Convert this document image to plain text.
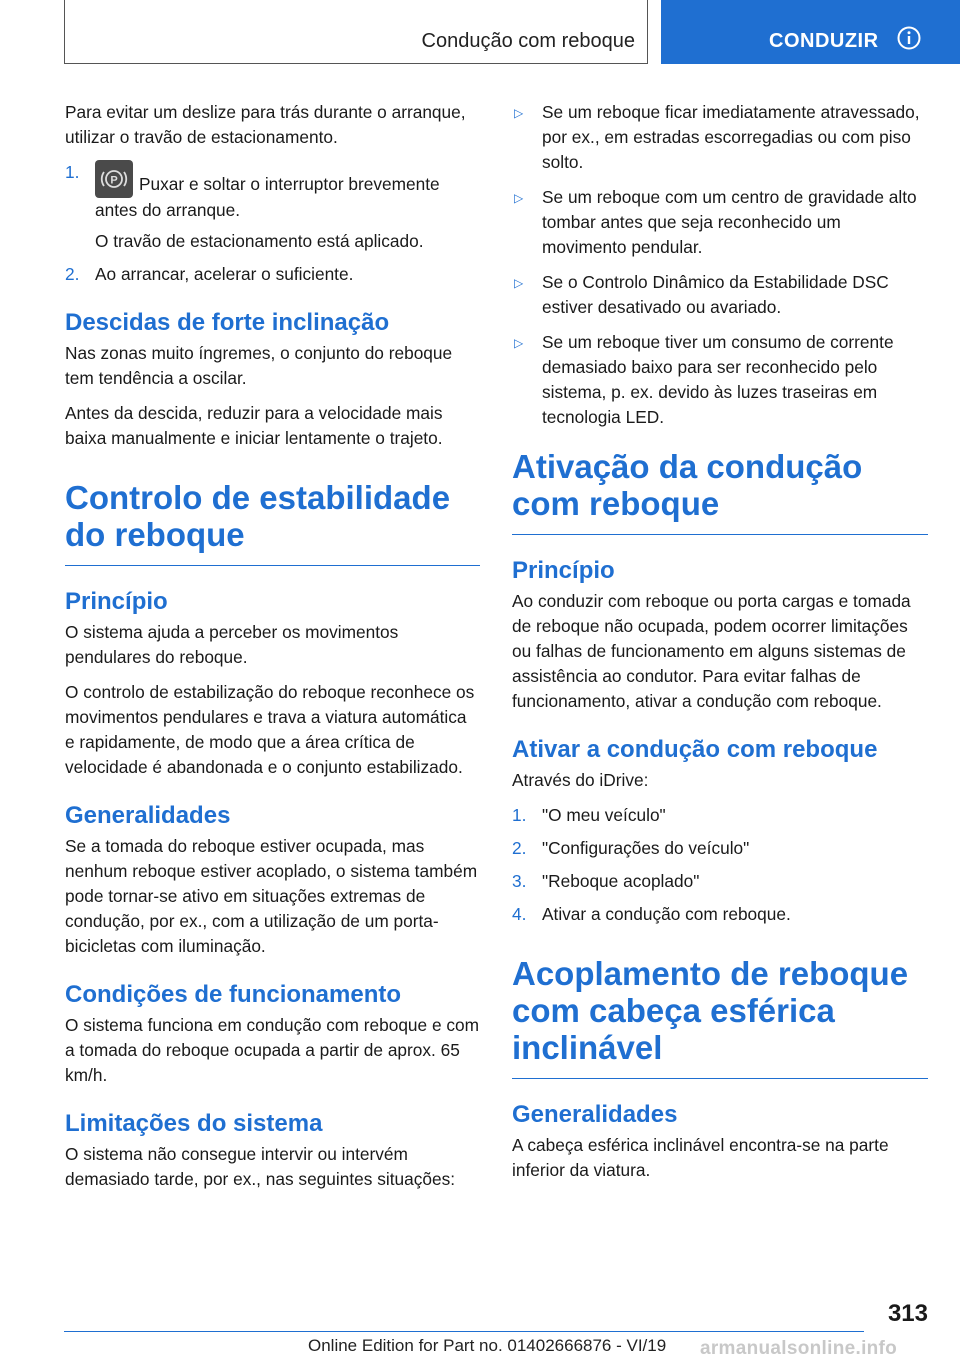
Condução com reboque	CONDUZIR

Para evitar um deslize para trás durante o arranque, utilizar o travão de estacionamento.

1.	P Puxar e soltar o interruptor brevemente antes do arranque.
O travão de estacionamento está aplicado.
2. Ao arrancar, acelerar o suficiente.
Descidas de forte inclinação

Nas zonas muito íngremes, o conjunto do reboque tem tendência a oscilar.

Antes da descida, reduzir para a velocidade mais baixa manualmente e iniciar lentamente o trajeto.

Controlo de estabilidade do reboque
Princípio

O sistema ajuda a perceber os movimentos pendulares do reboque.

O controlo de estabilização do reboque reconhece os movimentos pendulares e trava a viatura automática e rapidamente, de modo que a área crítica de velocidade é abandonada e o conjunto estabilizado.

Generalidades

Se a tomada do reboque estiver ocupada, mas nenhum reboque estiver acoplado, o sistema também pode tornar-se ativo em situações extremas de condução, por ex., com a utilização de um porta-bicicletas com iluminação.

Condições de funcionamento

O sistema funciona em condução com reboque e com a tomada do reboque ocupada a partir de aprox. 65 km/h.

Limitações do sistema

O sistema não consegue intervir ou intervém demasiado tarde, por ex., nas seguintes situações:

▷ Se um reboque ficar imediatamente atravessado, por ex., em estradas escorregadias ou com piso solto.
▷ Se um reboque com um centro de gravidade alto tombar antes que seja reconhecido um movimento pendular.
▷ Se o Controlo Dinâmico da Estabilidade DSC estiver desativado ou avariado.
▷ Se um reboque tiver um consumo de corrente demasiado baixo para ser reconhecido pelo sistema, p. ex. devido às luzes traseiras em tecnologia LED.
Ativação da condução com reboque
Princípio

Ao conduzir com reboque ou porta cargas e tomada de reboque não ocupada, podem ocorrer limitações ou falhas de funcionamento em alguns sistemas de assistência ao condutor. Para evitar falhas de funcionamento, ativar a condução com reboque.

Ativar a condução com reboque

Através do iDrive:

1. "O meu veículo"
2. "Configurações do veículo"
3. "Reboque acoplado"
4. Ativar a condução com reboque.
Acoplamento de reboque com cabeça esférica inclinável
Generalidades

A cabeça esférica inclinável encontra-se na parte inferior da viatura.

313
Online Edition for Part no. 01402666876 - VI/19 armanualsonline.info
